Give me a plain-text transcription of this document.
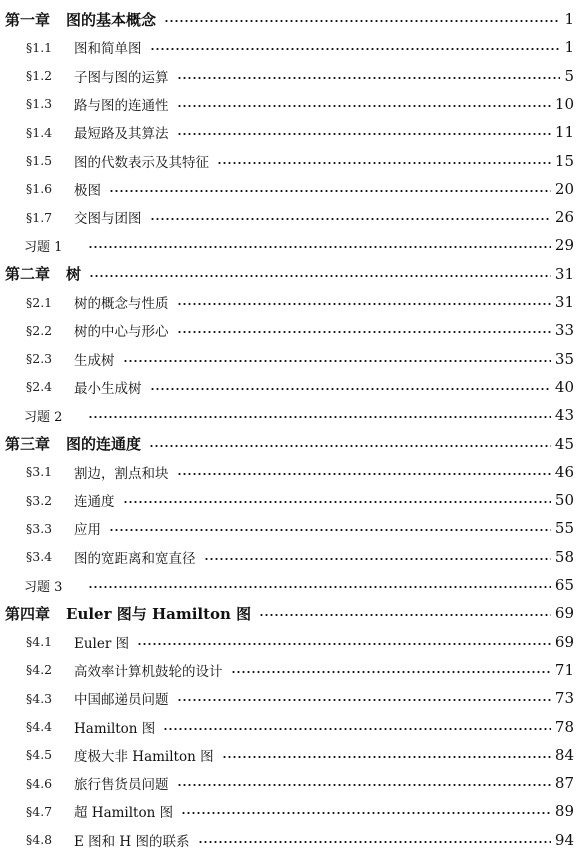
第一章 图的基本概念	1
§1.1	图和简单图	1
§1.2	子图与图的运算	5
§1.3	路与图的连通性	10
§1.4	最短路及其算法	11
§1.5	图的代数表示及其特征	15
§1.6	极图	20
§1.7	交图与团图	26
习题 1	29
第二章 树	31
§2.1	树的概念与性质	31
§2.2	树的中心与形心	33
§2.3	生成树	35
§2.4	最小生成树	40
习题 2	43
第三章 图的连通度	45
§3.1	割边，割点和块	46
§3.2	连通度	50
§3.3	应用	55
§3.4	图的宽距离和宽直径	58
习题 3	65
第四章 Euler 图与 Hamilton 图	69
§4.1	Euler 图	69
§4.2	高效率计算机鼓轮的设计	71
§4.3	中国邮递员问题	73
§4.4	Hamilton 图	78
§4.5	度极大非 Hamilton 图	84
§4.6	旅行售货员问题	87
§4.7	超 Hamilton 图	89
§4.8	E 图和 H 图的联系	94
